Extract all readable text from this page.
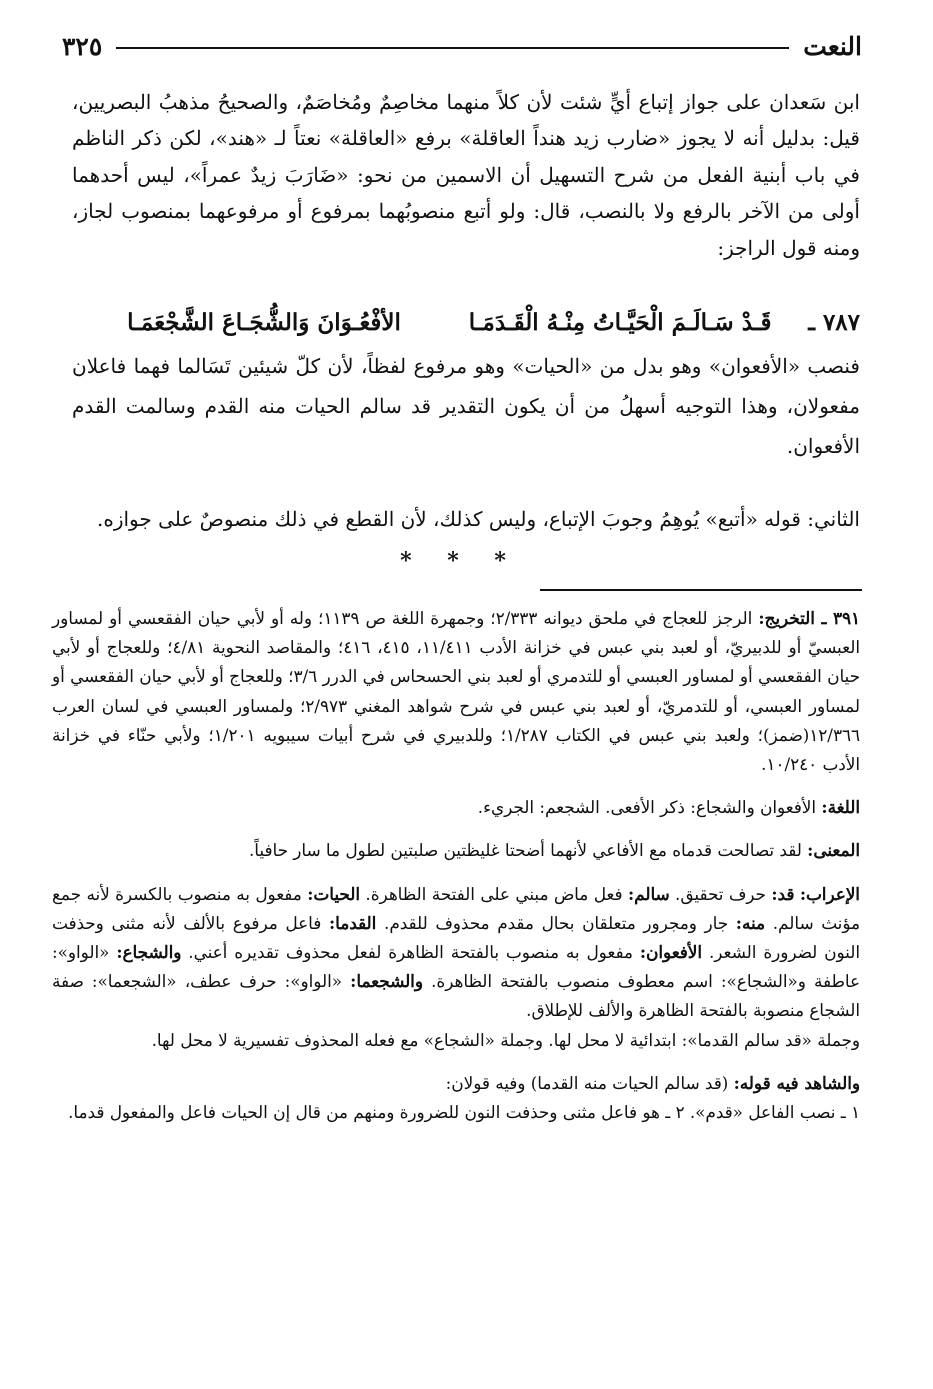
النعت
٣٢٥

ابن سَعدان على جواز إتباع أيٍّ شئت لأن كلاً منهما مخاصِمٌ ومُخاصَمٌ، والصحيحُ مذهبُ البصريين، قيل: بدليل أنه لا يجوز «ضارب زيد هنداً العاقلة» برفع «العاقلة» نعتاً لـ «هند»، لكن ذكر الناظم في باب أبنية الفعل من شرح التسهيل أن الاسمين من نحو: «ضَارَبَ زيدٌ عمراً»، ليس أحدهما أولى من الآخر بالرفع ولا بالنصب، قال: ولو أتبع منصوبُهما بمرفوع أو مرفوعهما بمنصوب لجاز، ومنه قول الراجز:

٧٨٧ ـ
قَـدْ سَـالَـمَ الْحَيَّـاتُ مِنْـهُ الْقَـدَمَـا
الأفْعُـوَانَ وَالشُّجَـاعَ الشَّجْعَمَـا
فنصب «الأفعوان» وهو بدل من «الحيات» وهو مرفوع لفظاً، لأن كلّ شيئين تَسَالما فهما فاعلان مفعولان، وهذا التوجيه أسهلُ من أن يكون التقدير قد سالم الحيات منه القدم وسالمت القدم الأفعوان.
الثاني: قوله «أتبع» يُوهِمُ وجوبَ الإتباع، وليس كذلك، لأن القطع في ذلك منصوصٌ على جوازه.
* * *

٣٩١ ـ التخريج: الرجز للعجاج في ملحق ديوانه ٢/٣٣٣؛ وجمهرة اللغة ص ١١٣٩؛ وله أو لأبي حيان الفقعسي أو لمساور العبسيّ أو للدبيريّ، أو لعبد بني عبس في خزانة الأدب ١١/٤١١، ٤١٥، ٤١٦؛ والمقاصد النحوية ٤/٨١؛ وللعجاج أو لأبي حيان الفقعسي أو لمساور العبسي أو للتدمري أو لعبد بني الحسحاس في الدرر ٣/٦؛ وللعجاج أو لأبي حيان الفقعسي أو لمساور العبسي، أو للتدمريّ، أو لعبد بني عبس في شرح شواهد المغني ٢/٩٧٣؛ ولمساور العبسي في لسان العرب ١٢/٣٦٦(ضمز)؛ ولعبد بني عبس في الكتاب ١/٢٨٧؛ وللدبيري في شرح أبيات سيبويه ١/٢٠١؛ ولأبي حنّاء في خزانة الأدب ١٠/٢٤٠.

اللغة: الأفعوان والشجاع: ذكر الأفعى. الشجعم: الجريء.

المعنى: لقد تصالحت قدماه مع الأفاعي لأنهما أضحتا غليظتين صلبتين لطول ما سار حافياً.

الإعراب: قد: حرف تحقيق. سالم: فعل ماض مبني على الفتحة الظاهرة. الحيات: مفعول به منصوب بالكسرة لأنه جمع مؤنث سالم. منه: جار ومجرور متعلقان بحال مقدم محذوف للقدم. القدما: فاعل مرفوع بالألف لأنه مثنى وحذفت النون لضرورة الشعر. الأفعوان: مفعول به منصوب بالفتحة الظاهرة لفعل محذوف تقديره أعني. والشجاع: «الواو»: عاطفة و«الشجاع»: اسم معطوف منصوب بالفتحة الظاهرة. والشجعما: «الواو»: حرف عطف، «الشجعما»: صفة الشجاع منصوبة بالفتحة الظاهرة والألف للإطلاق.

وجملة «قد سالم القدما»: ابتدائية لا محل لها. وجملة «الشجاع» مع فعله المحذوف تفسيرية لا محل لها.

والشاهد فيه قوله: (قد سالم الحيات منه القدما) وفيه قولان:

١ ـ نصب الفاعل «قدم». ٢ ـ هو فاعل مثنى وحذفت النون للضرورة ومنهم من قال إن الحيات فاعل والمفعول قدما.
